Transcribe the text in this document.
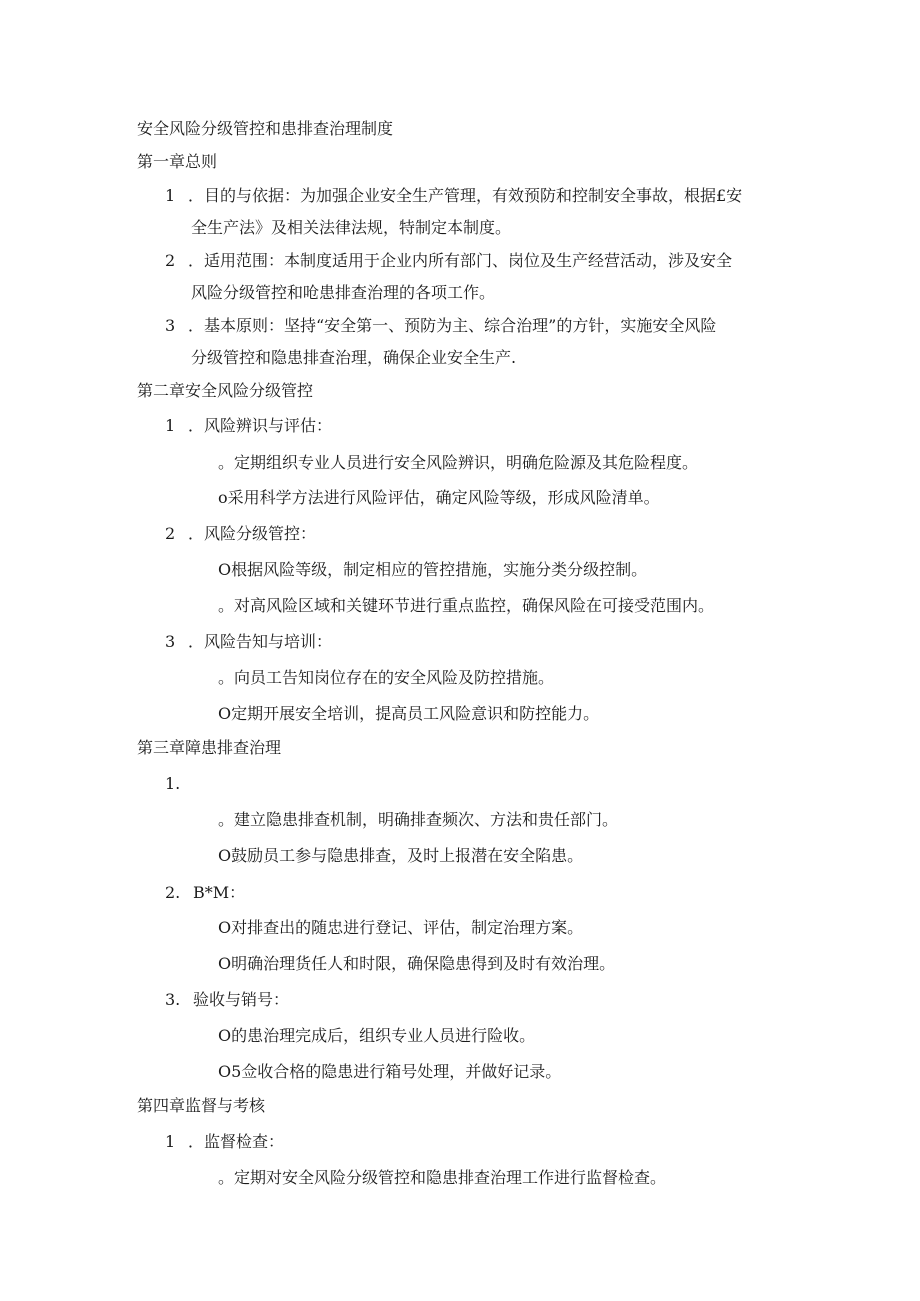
安全风险分级管控和患排查治理制度
第一章总则
1 ．目的与依据：为加强企业安全生产管理，有效预防和控制安全事故，根据£安
全生产法》及相关法律法规，特制定本制度。
2 ．适用范围：本制度适用于企业内所有部门、岗位及生产经营活动，涉及安全
风险分级管控和呛患排查治理的各项工作。
3 ．基本原则：坚持“安全第一、预防为主、综合治理”的方针，实施安全风险
分级管控和隐患排查治理，确保企业安全生产.
第二章安全风险分级管控
1 ．风险辨识与评估：
。定期组织专业人员进行安全风险辨识，明确危险源及其危险程度。
o采用科学方法进行风险评估，确定风险等级，形成风险清单。
2 ．风险分级管控：
O根据风险等级，制定相应的管控措施，实施分类分级控制。
。对高风险区域和关键环节进行重点监控，确保风险在可接受范围内。
3 ．风险告知与培训：
。向员工告知岗位存在的安全风险及防控措施。
O定期开展安全培训，提高员工风险意识和防控能力。
第三章障患排查治理
1.
。建立隐患排查机制，明确排查频次、方法和贵任部门。
O鼓励员工参与隐患排查，及时上报潜在安全陷患。
2. B*M：
O对排查出的随忠进行登记、评估，制定治理方案。
O明确治理货任人和时限，确保隐患得到及时有效治理。
3. 验收与销号：
O的患治理完成后，组织专业人员进行险收。
O5佥收合格的隐患进行箱号处理，并做好记录。
第四章监督与考核
1 ．监督检查：
。定期对安全风险分级管控和隐患排查治理工作进行监督检查。
